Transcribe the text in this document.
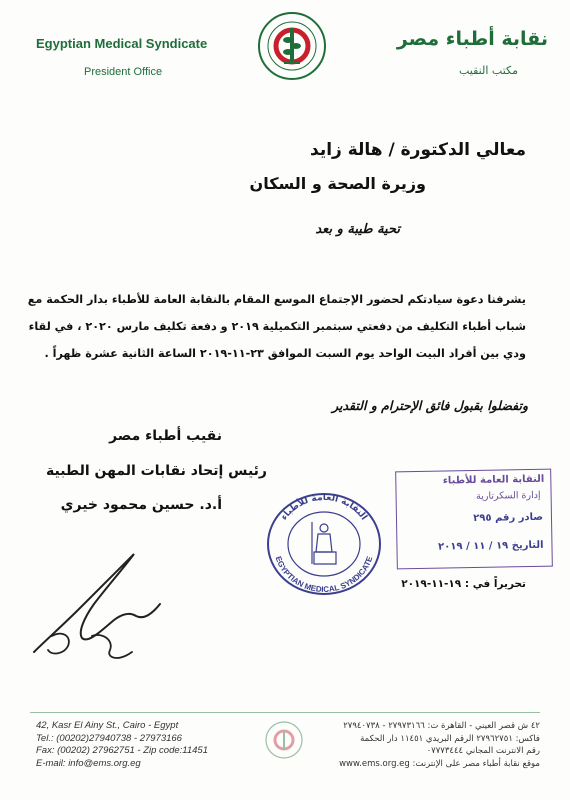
Egyptian Medical Syndicate
President Office
نقابة أطباء مصر
مكتب النقيب
معالي الدكتورة / هالة زايد
وزيرة الصحة و السكان
تحية طيبة و بعد
يشرفنا دعوة سيادتكم لحضور الإجتماع الموسع المقام بالنقابة العامة للأطباء بدار الحكمة مع
شباب أطباء التكليف من دفعتي سبتمبر التكميلية ٢٠١٩ و دفعة تكليف مارس ٢٠٢٠ ، في لقاء
ودي بين أفراد البيت الواحد يوم السبت الموافق ٢٣-١١-٢٠١٩ الساعة الثانية عشرة ظهراً .
وتفضلوا بقبول فائق الإحترام و التقدير
نقيب أطباء مصر
رئيس إتحاد نقابات المهن الطبية
أ.د. حسين محمود خيري
النقابة العامة للأطباء
EGYPTIAN MEDICAL SYNDICATE
النقابة العامة للأطباء
إدارة السكرتارية
صادر رقم ٢٩٥
التاريخ ١٩ / ١١ / ٢٠١٩
تحريراً في : ١٩-١١-٢٠١٩
42, Kasr El Ainy St., Cairo - Egypt
Tel.: (00202)27940738 - 27973166
Fax: (00202) 27962751 - Zip code:11451
E-mail: info@ems.org.eg
٤٢ ش قصر العيني - القاهرة ت: ٢٧٩٧٣١٦٦ - ٢٧٩٤٠٧٣٨
فاكس: ٢٧٩٦٢٧٥١ الرقم البريدي ١١٤٥١ دار الحكمة
رقم الانترنت المجاني ٠٧٧٧٣٤٤٤
موقع نقابة أطباء مصر على الإنترنت: www.ems.org.eg
